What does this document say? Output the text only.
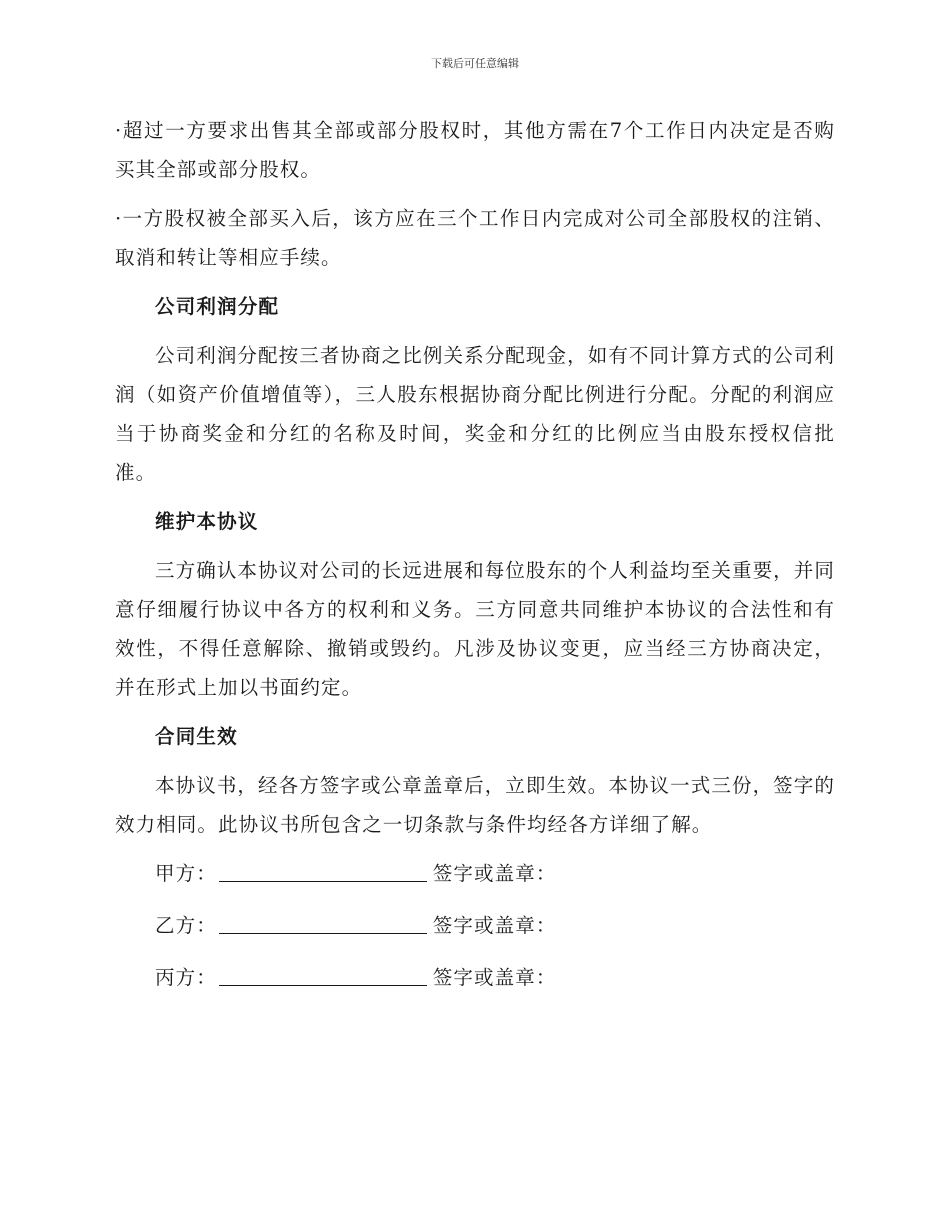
下载后可任意编辑

·超过一方要求出售其全部或部分股权时，其他方需在7个工作日内决定是否购买其全部或部分股权。

·一方股权被全部买入后，该方应在三个工作日内完成对公司全部股权的注销、取消和转让等相应手续。

公司利润分配

公司利润分配按三者协商之比例关系分配现金，如有不同计算方式的公司利润（如资产价值增值等），三人股东根据协商分配比例进行分配。分配的利润应当于协商奖金和分红的名称及时间，奖金和分红的比例应当由股东授权信批准。

维护本协议

三方确认本协议对公司的长远进展和每位股东的个人利益均至关重要，并同意仔细履行协议中各方的权利和义务。三方同意共同维护本协议的合法性和有效性，不得任意解除、撤销或毁约。凡涉及协议变更，应当经三方协商决定，并在形式上加以书面约定。

合同生效

本协议书，经各方签字或公章盖章后，立即生效。本协议一式三份，签字的效力相同。此协议书所包含之一切条款与条件均经各方详细了解。

甲方：	签字或盖章：
乙方：	签字或盖章：
丙方：	签字或盖章：
